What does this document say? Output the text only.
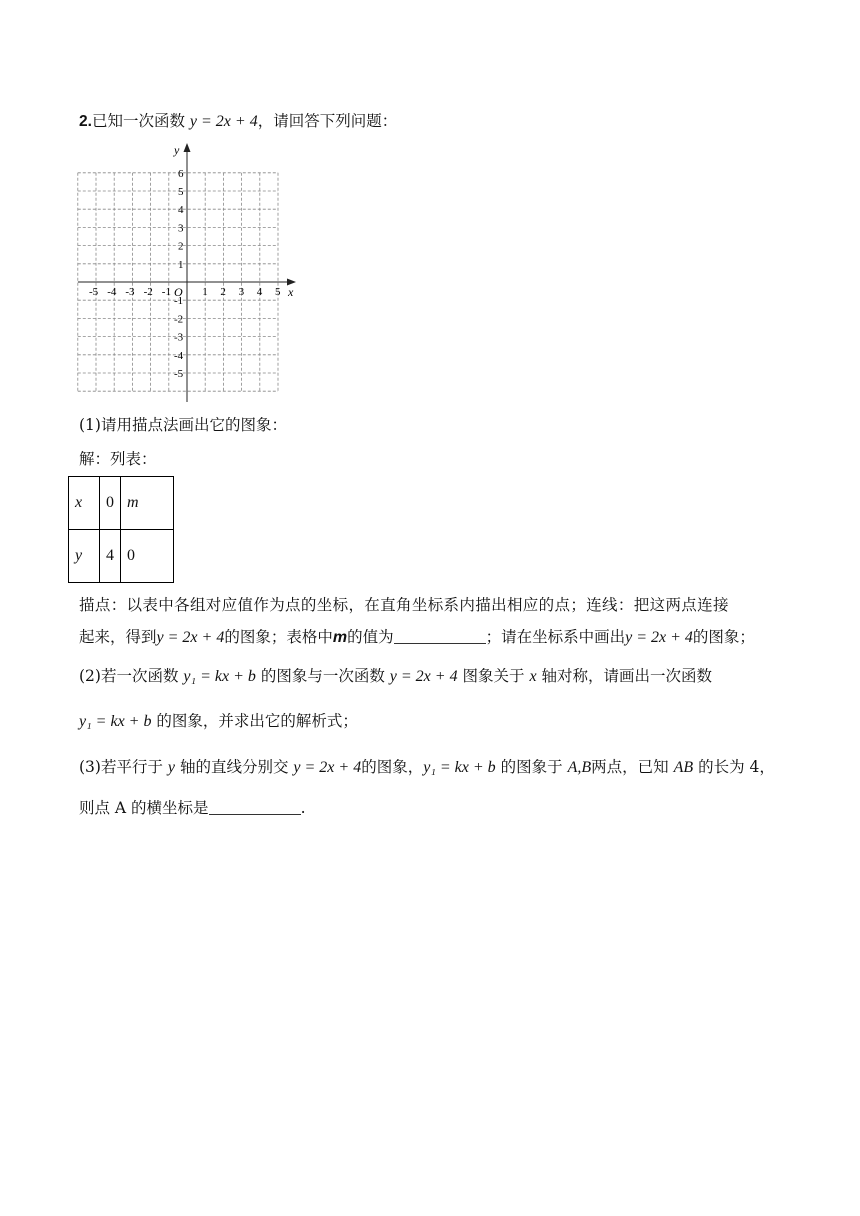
2.已知一次函数 y = 2x + 4，请回答下列问题：
x
y
O
-5 -4 -3 -2 -1	1 2 3 4 5
6
5
4
3
2
1
-1
-2
-3
-4
-5
(1)请用描点法画出它的图象：
解：列表：
x	0	m
y	4	0
描点：以表中各组对应值作为点的坐标，在直角坐标系内描出相应的点；连线：把这两点连接
起来，得到y = 2x + 4的图象；表格中m的值为	；请在坐标系中画出y = 2x + 4的图象；
(2)若一次函数 y₁ = kx + b 的图象与一次函数 y = 2x + 4 图象关于 x 轴对称，请画出一次函数
y₁ = kx + b 的图象，并求出它的解析式；
(3)若平行于 y 轴的直线分别交 y = 2x + 4的图象，y₁ = kx + b 的图象于 A,B两点，已知 AB 的长为 4，
则点 A 的横坐标是	.
